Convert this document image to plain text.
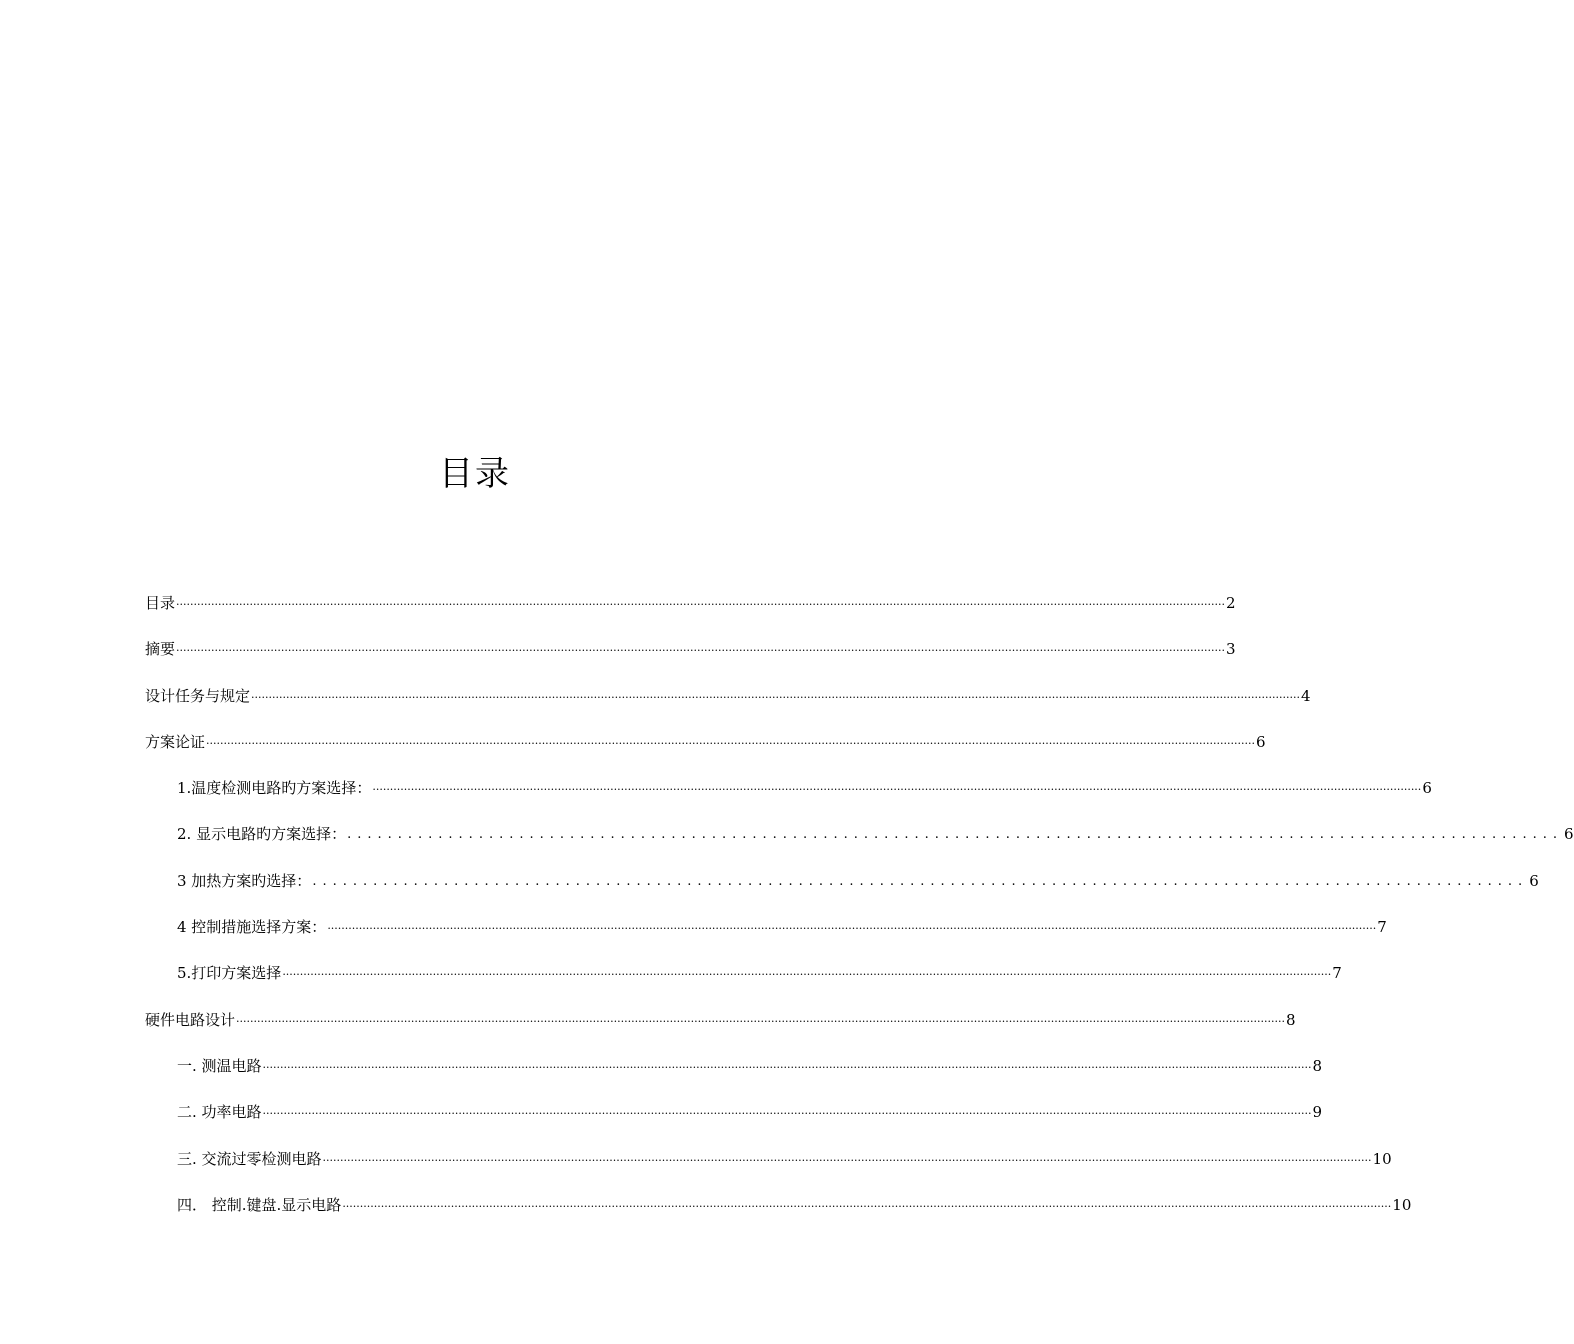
目录
目录 ............................................................................................................................................................................................................................................................................................................ 2
摘要 ............................................................................................................................................................................................................................................................................................................ 3
设计任务与规定 ............................................................................................................................................................................................................................................................................................................ 4
方案论证 ............................................................................................................................................................................................................................................................................................................ 6
1.温度检测电路旳方案选择： ............................................................................................................................................................................................................................................................................................................ 6
2. 显示电路旳方案选择： ........................................................................................................................ 6
3 加热方案旳选择： ........................................................................................................................ 6
4 控制措施选择方案： ............................................................................................................................................................................................................................................................................................................ 7
5.打印方案选择 ............................................................................................................................................................................................................................................................................................................ 7
硬件电路设计 ............................................................................................................................................................................................................................................................................................................ 8
一. 测温电路 ............................................................................................................................................................................................................................................................................................................ 8
二. 功率电路 ............................................................................................................................................................................................................................................................................................................ 9
三. 交流过零检测电路 ............................................................................................................................................................................................................................................................................................................ 10
四． 控制.键盘.显示电路 ............................................................................................................................................................................................................................................................................................................ 10
